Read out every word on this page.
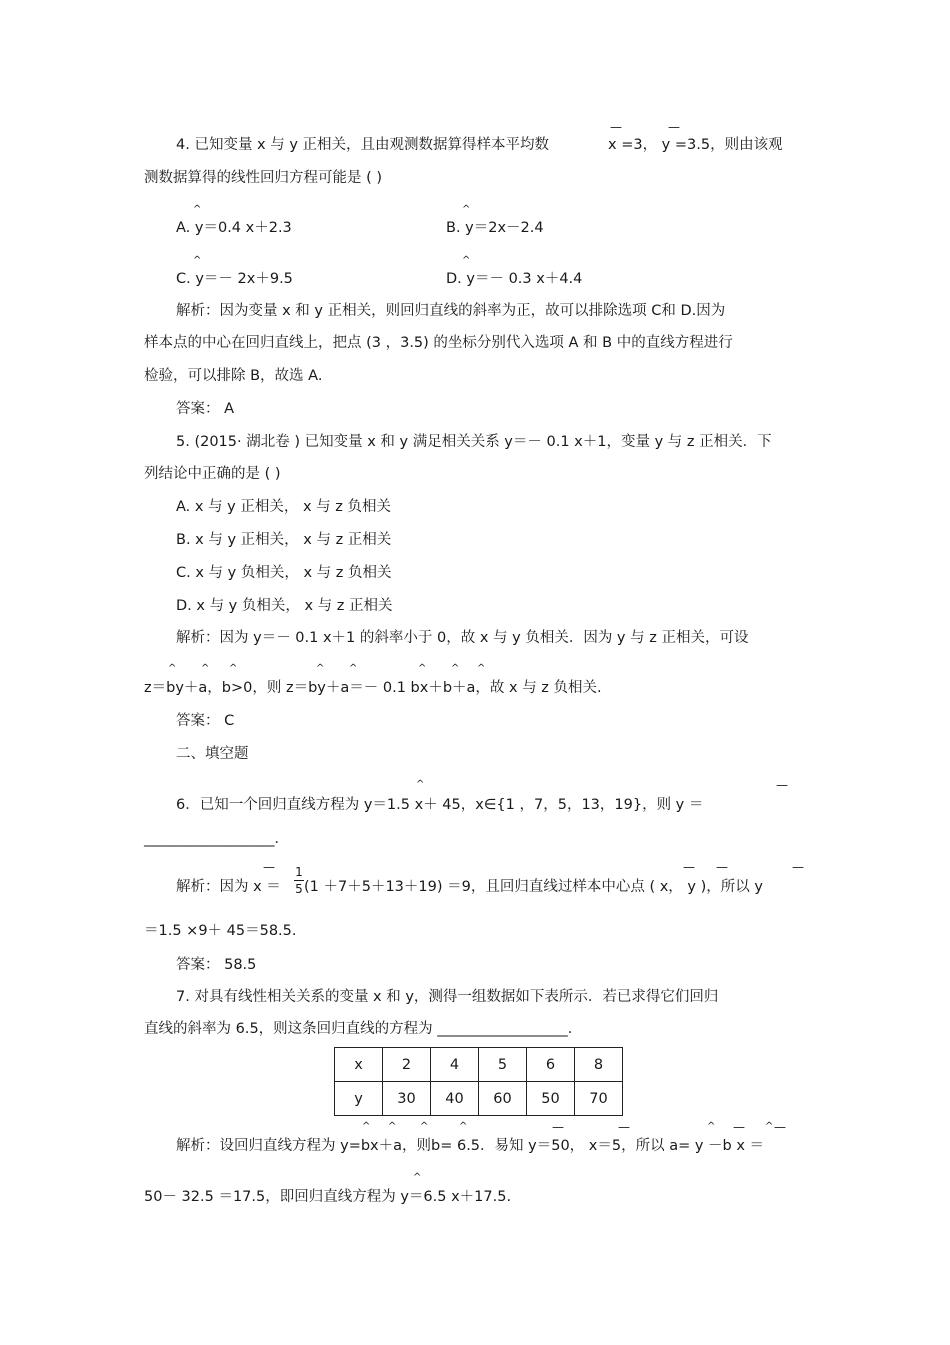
—	—
4. 已知变量 x 与 y 正相关，且由观测数据算得样本平均数	x =3， y =3.5，则由该观
测数据算得的线性回归方程可能是 ( )
^	^
A. y＝0.4 x＋2.3	B. y＝2x－2.4
^	^
C. y＝－ 2x＋9.5	D. y＝－ 0.3 x＋4.4
解析：因为变量 x 和 y 正相关，则回归直线的斜率为正，故可以排除选项 C和 D.因为
样本点的中心在回归直线上，把点 (3 ，3.5) 的坐标分别代入选项 A 和 B 中的直线方程进行
检验，可以排除 B，故选 A.
答案： A
5. (2015· 湖北卷 ) 已知变量 x 和 y 满足相关关系 y＝－ 0.1 x＋1，变量 y 与 z 正相关．下
列结论中正确的是 ( )
A. x 与 y 正相关， x 与 z 负相关
B. x 与 y 正相关， x 与 z 正相关
C. x 与 y 负相关， x 与 z 负相关
D. x 与 y 负相关， x 与 z 正相关
解析：因为 y＝－ 0.1 x＋1 的斜率小于 0，故 x 与 y 负相关．因为 y 与 z 正相关，可设
^ ^ ^	^ ^	^ ^ ^
z＝by＋a，b>0，则 z＝by＋a＝－ 0.1 bx＋b＋a，故 x 与 z 负相关.
答案： C
二、填空题
^	—
6．已知一个回归直线方程为 y＝1.5 x＋ 45，x∈{1 ，7，5，13，19}，则 y ＝
__________________．
—	— —	—
解析：因为 x ＝
1
5 (1 ＋7＋5＋13＋19) ＝9，且回归直线过样本中心点 ( x， y )，所以 y
＝1.5 ×9＋ 45＝58.5.
答案： 58.5
7. 对具有线性相关关系的变量 x 和 y，测得一组数据如下表所示．若已求得它们回归
直线的斜率为 6.5，则这条回归直线的方程为 __________________．
x	2	4	5	6	8
y	30	40	60	50	70
^ ^ ^	^	—	—	^ — ^ —
解析：设回归直线方程为 y=bx＋a，则b= 6.5．易知 y＝50， x＝5，所以 a= y －b x ＝
^
50－ 32.5 ＝17.5，即回归直线方程为 y＝6.5 x＋17.5.
